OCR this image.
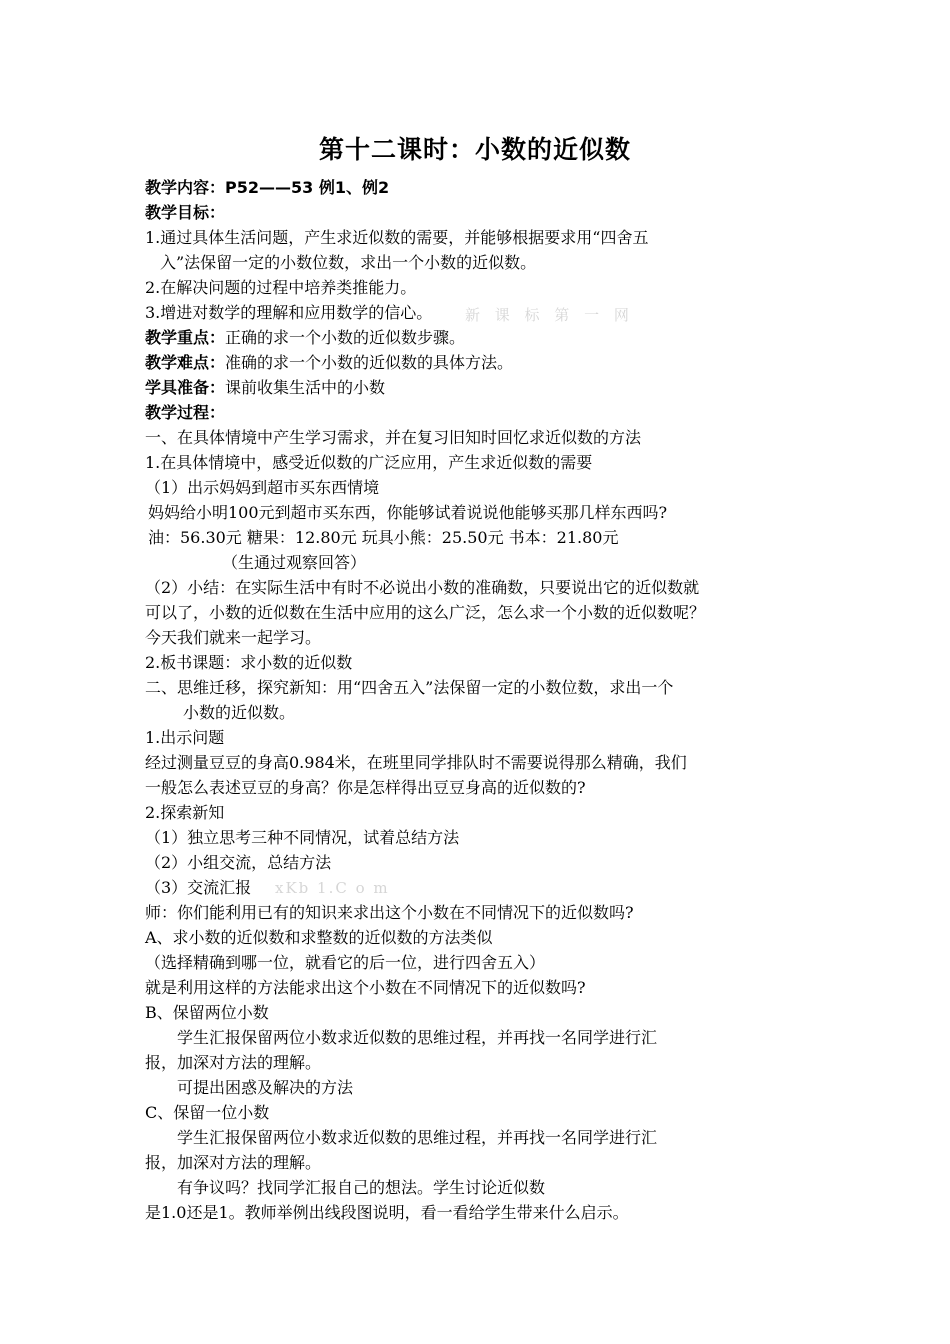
第十二课时：小数的近似数
教学内容：P52——53 例1、例2
教学目标：
1.通过具体生活问题，产生求近似数的需要，并能够根据要求用“四舍五
入”法保留一定的小数位数，求出一个小数的近似数。
2.在解决问题的过程中培养类推能力。
3.增进对数学的理解和应用数学的信心。 新 课 标 第 一 网
教学重点：正确的求一个小数的近似数步骤。
教学难点：准确的求一个小数的近似数的具体方法。
学具准备：课前收集生活中的小数
教学过程：
一、在具体情境中产生学习需求，并在复习旧知时回忆求近似数的方法
1.在具体情境中，感受近似数的广泛应用，产生求近似数的需要
（1）出示妈妈到超市买东西情境
妈妈给小明100元到超市买东西，你能够试着说说他能够买那几样东西吗?
油：56.30元 糖果：12.80元 玩具小熊：25.50元 书本：21.80元
（生通过观察回答）
（2）小结：在实际生活中有时不必说出小数的准确数，只要说出它的近似数就
可以了，小数的近似数在生活中应用的这么广泛，怎么求一个小数的近似数呢？
今天我们就来一起学习。
2.板书课题：求小数的近似数
二、思维迁移，探究新知：用“四舍五入”法保留一定的小数位数，求出一个
小数的近似数。
1.出示问题
经过测量豆豆的身高0.984米，在班里同学排队时不需要说得那么精确，我们
一般怎么表述豆豆的身高？你是怎样得出豆豆身高的近似数的?
2.探索新知
（1）独立思考三种不同情况，试着总结方法
（2）小组交流，总结方法
（3）交流汇报 xKb 1.C o m
师：你们能利用已有的知识来求出这个小数在不同情况下的近似数吗?
A、求小数的近似数和求整数的近似数的方法类似
（选择精确到哪一位，就看它的后一位，进行四舍五入）
就是利用这样的方法能求出这个小数在不同情况下的近似数吗?
B、保留两位小数
学生汇报保留两位小数求近似数的思维过程，并再找一名同学进行汇
报，加深对方法的理解。
可提出困惑及解决的方法
C、保留一位小数
学生汇报保留两位小数求近似数的思维过程，并再找一名同学进行汇
报，加深对方法的理解。
有争议吗？找同学汇报自己的想法。学生讨论近似数
是1.0还是1。教师举例出线段图说明，看一看给学生带来什么启示。
